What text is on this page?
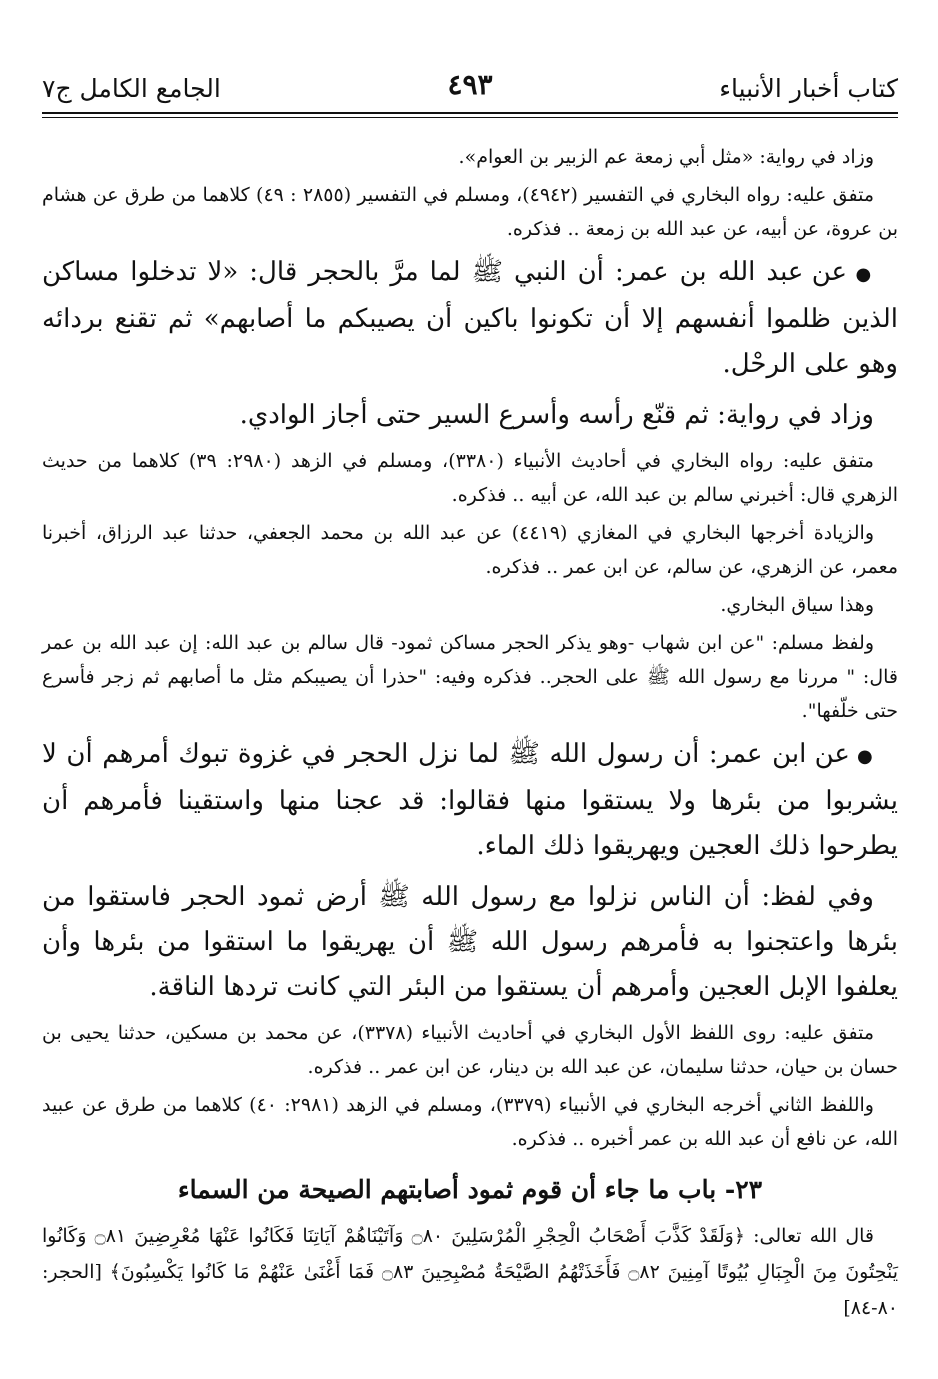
كتاب أخبار الأنبياء
٤٩٣
الجامع الكامل ج٧

وزاد في رواية: «مثل أبي زمعة عم الزبير بن العوام».

متفق عليه: رواه البخاري في التفسير (٤٩٤٢)، ومسلم في التفسير (٢٨٥٥ : ٤٩) كلاهما من طرق عن هشام بن عروة، عن أبيه، عن عبد الله بن زمعة .. فذكره.

● عن عبد الله بن عمر: أن النبي ﷺ لما مرَّ بالحجر قال: «لا تدخلوا مساكن الذين ظلموا أنفسهم إلا أن تكونوا باكين أن يصيبكم ما أصابهم» ثم تقنع بردائه وهو على الرحْل.

وزاد في رواية: ثم قنّع رأسه وأسرع السير حتى أجاز الوادي.

متفق عليه: رواه البخاري في أحاديث الأنبياء (٣٣٨٠)، ومسلم في الزهد (٢٩٨٠: ٣٩) كلاهما من حديث الزهري قال: أخبرني سالم بن عبد الله، عن أبيه .. فذكره.

والزيادة أخرجها البخاري في المغازي (٤٤١٩) عن عبد الله بن محمد الجعفي، حدثنا عبد الرزاق، أخبرنا معمر، عن الزهري، عن سالم، عن ابن عمر .. فذكره.

وهذا سياق البخاري.

ولفظ مسلم: "عن ابن شهاب -وهو يذكر الحجر مساكن ثمود- قال سالم بن عبد الله: إن عبد الله بن عمر قال: " مررنا مع رسول الله ﷺ على الحجر.. فذكره وفيه: "حذرا أن يصيبكم مثل ما أصابهم ثم زجر فأسرع حتى خلّفها".

● عن ابن عمر: أن رسول الله ﷺ لما نزل الحجر في غزوة تبوك أمرهم أن لا يشربوا من بئرها ولا يستقوا منها فقالوا: قد عجنا منها واستقينا فأمرهم أن يطرحوا ذلك العجين ويهريقوا ذلك الماء.

وفي لفظ: أن الناس نزلوا مع رسول الله ﷺ أرض ثمود الحجر فاستقوا من بئرها واعتجنوا به فأمرهم رسول الله ﷺ أن يهريقوا ما استقوا من بئرها وأن يعلفوا الإبل العجين وأمرهم أن يستقوا من البئر التي كانت تردها الناقة.

متفق عليه: روى اللفظ الأول البخاري في أحاديث الأنبياء (٣٣٧٨)، عن محمد بن مسكين، حدثنا يحيى بن حسان بن حيان، حدثنا سليمان، عن عبد الله بن دينار، عن ابن عمر .. فذكره.

واللفظ الثاني أخرجه البخاري في الأنبياء (٣٣٧٩)، ومسلم في الزهد (٢٩٨١: ٤٠) كلاهما من طرق عن عبيد الله، عن نافع أن عبد الله بن عمر أخبره .. فذكره.

٢٣- باب ما جاء أن قوم ثمود أصابتهم الصيحة من السماء

قال الله تعالى: ﴿وَلَقَدْ كَذَّبَ أَصْحَابُ الْحِجْرِ الْمُرْسَلِينَ ۝٨٠ وَآتَيْنَاهُمْ آيَاتِنَا فَكَانُوا عَنْهَا مُعْرِضِينَ ۝٨١ وَكَانُوا يَنْحِتُونَ مِنَ الْجِبَالِ بُيُوتًا آمِنِينَ ۝٨٢ فَأَخَذَتْهُمُ الصَّيْحَةُ مُصْبِحِينَ ۝٨٣ فَمَا أَغْنَىٰ عَنْهُمْ مَا كَانُوا يَكْسِبُونَ﴾ [الحجر: ٨٠-٨٤]
